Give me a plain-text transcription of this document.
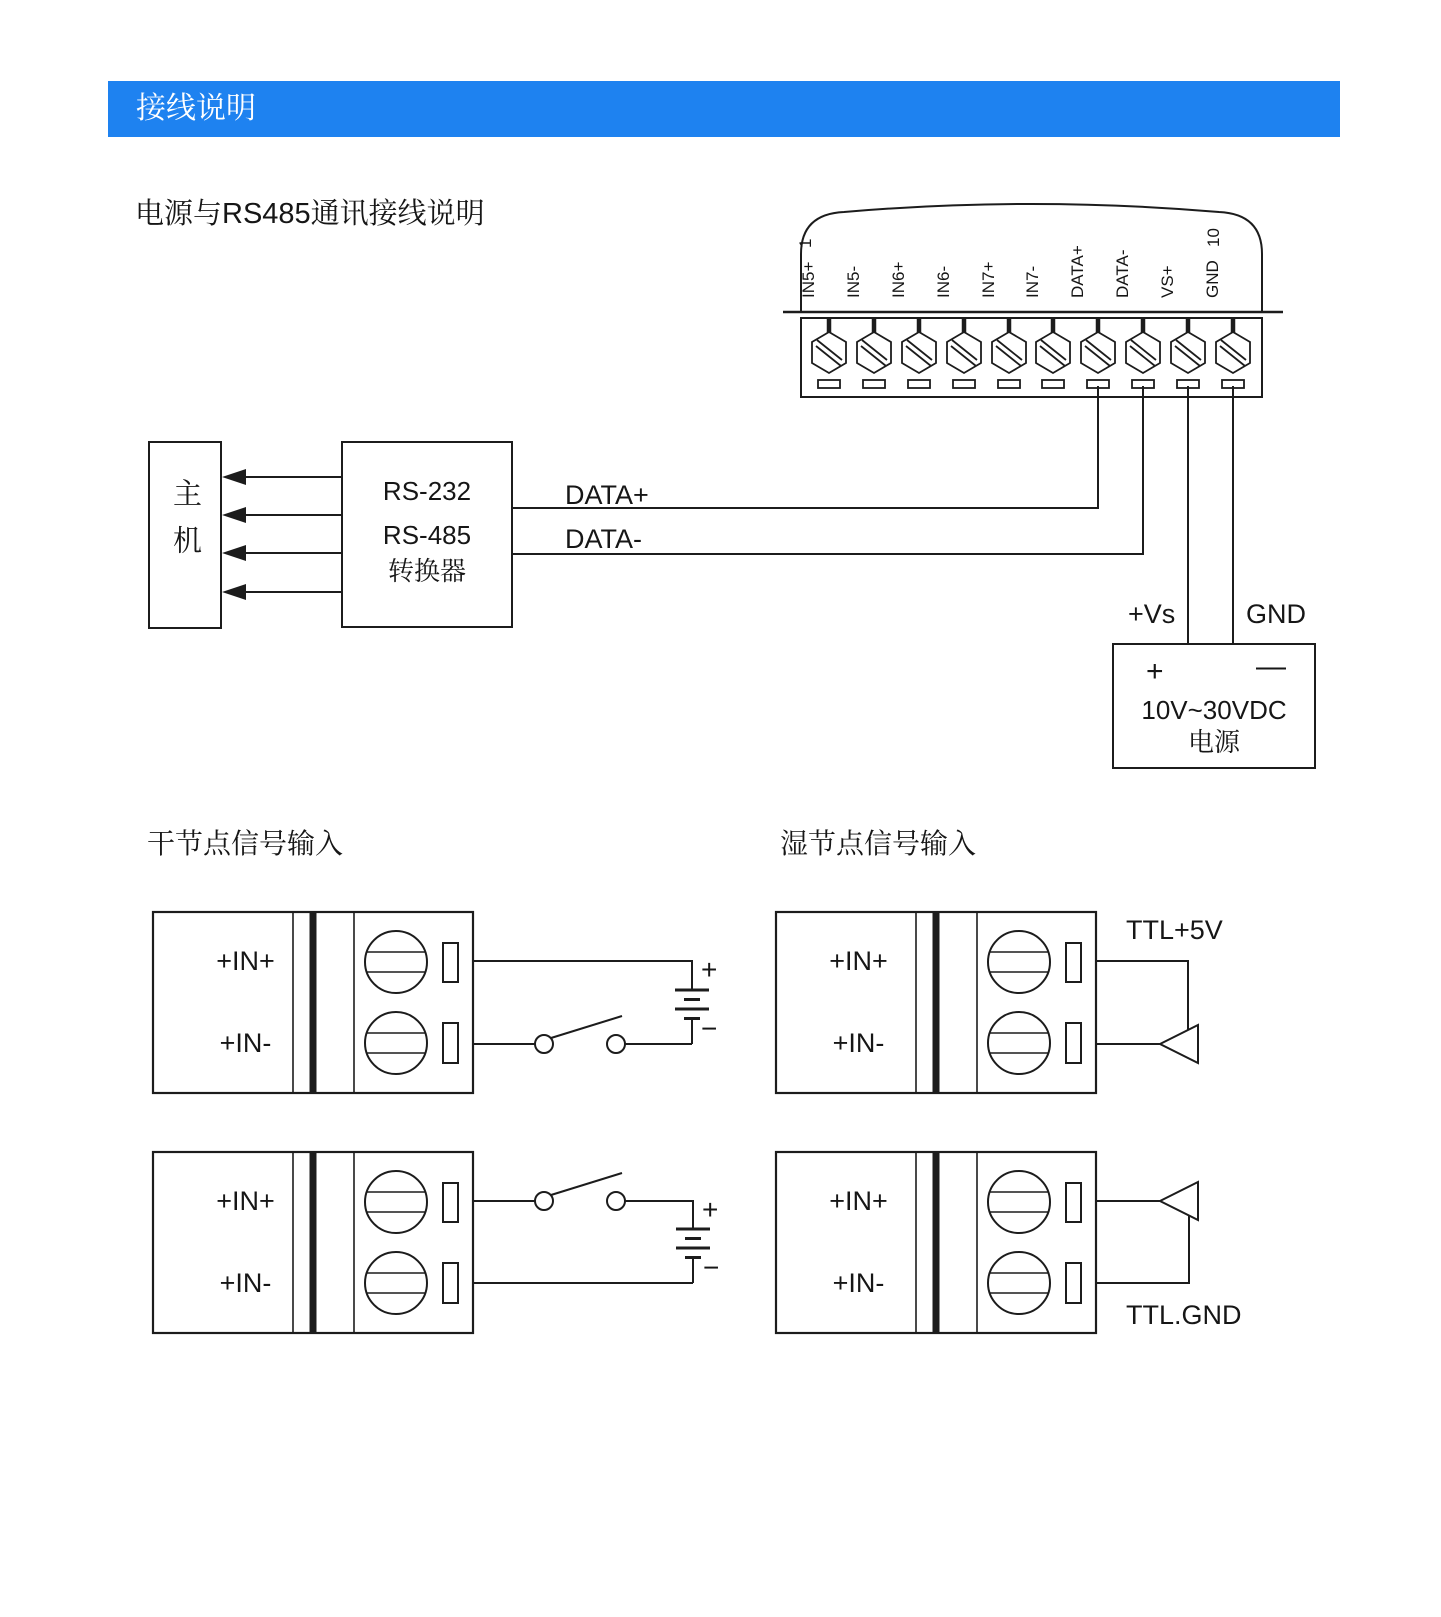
接线说明
电源与RS485通讯接线说明
干节点信号输入	湿节点信号输入
1	10
IN5+ IN5- IN6+ IN6- IN7+ IN7- DATA+ DATA- VS+ GND
主机	RS-232
RS-485
转换器
DATA+
DATA-
+Vs	GND
+	—
10V~30VDC
电源
+IN+
+IN-
+
−
+IN+
+IN-
+
−
+IN+
+IN-
TTL+5V
+IN+
+IN-
TTL.GND
